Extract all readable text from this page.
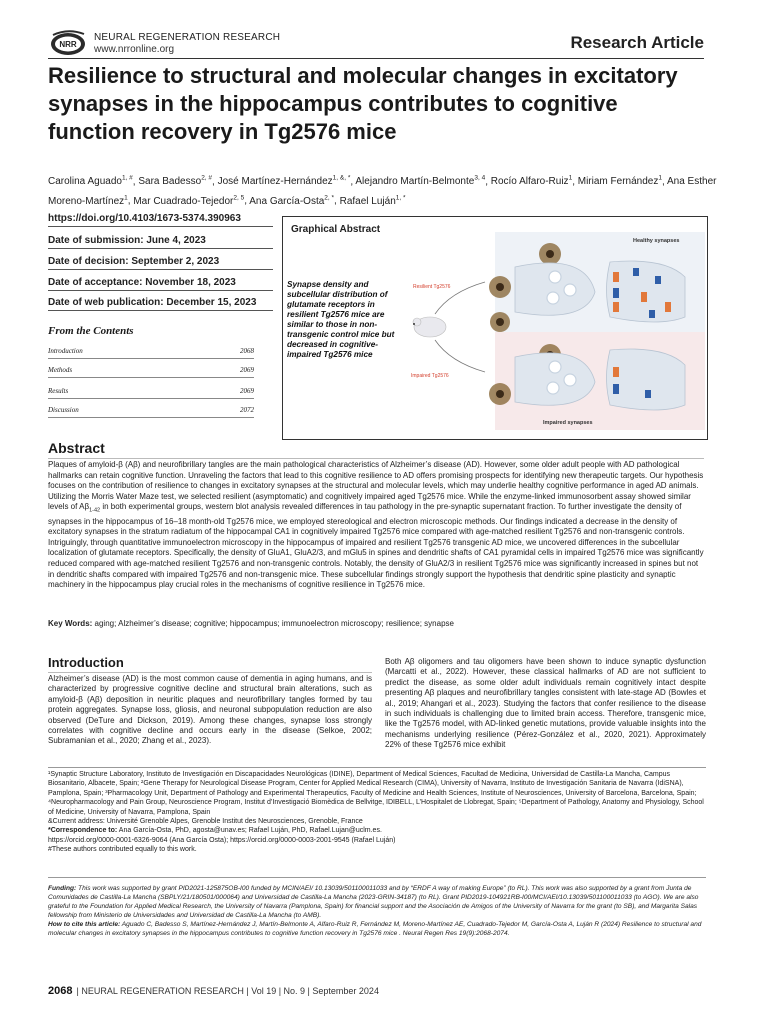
NRR
NEURAL REGENERATION RESEARCH
www.nrronline.org	Research Article
Resilience to structural and molecular changes in excitatory synapses in the hippocampus contributes to cognitive function recovery in Tg2576 mice
Carolina Aguado$^{1, \#}$, Sara Badesso$^{2, \#}$, José Martínez-Hernández$^{1, \&, *}$, Alejandro Martín-Belmonte$^{3, 4}$, Rocío Alfaro-Ruiz$^1$, Miriam Fernández$^1$, Ana Esther Moreno-Martínez$^1$, Mar Cuadrado-Tejedor$^{2, 5}$, Ana García-Osta$^{2, *}$, Rafael Luján$^{1, *}$
https://doi.org/10.4103/1673-5374.390963
Date of submission: June 4, 2023
Date of decision: September 2, 2023
Date of acceptance: November 18, 2023
Date of web publication: December 15, 2023
From the Contents
Introduction	2068
Methods	2069
Results	2069
Discussion	2072
Graphical Abstract
Synapse density and subcellular distribution of glutamate receptors in resilient Tg2576 mice are similar to those in non-transgenic control mice but decreased in cognitive-impaired Tg2576 mice
Healthy synapses
Resilient Tg2576
Impaired Tg2576
Impaired synapses
Abstract
Plaques of amyloid-β (Aβ) and neurofibrillary tangles are the main pathological characteristics of Alzheimer’s disease (AD). However, some older adult people with AD pathological hallmarks can retain cognitive function. Unraveling the factors that lead to this cognitive resilience to AD offers promising prospects for identifying new therapeutic targets. Our hypothesis focuses on the contribution of resilience to changes in excitatory synapses at the structural and molecular levels, which may underlie healthy cognitive performance in aged AD animals. Utilizing the Morris Water Maze test, we selected resilient (asymptomatic) and cognitively impaired aged Tg2576 mice. While the enzyme-linked immunosorbent assay showed similar levels of $A\beta_{1-42}$ in both experimental groups, western blot analysis revealed differences in tau pathology in the pre-synaptic supernatant fraction. To further investigate the density of synapses in the hippocampus of 16–18 month-old Tg2576 mice, we employed stereological and electron microscopic methods. Our findings indicated a decrease in the density of excitatory synapses in the stratum radiatum of the hippocampal CA1 in cognitively impaired Tg2576 mice compared with age-matched resilient Tg2576 and non-transgenic controls. Intriguingly, through quantitative immunoelectron microscopy in the hippocampus of impaired and resilient Tg2576 transgenic AD mice, we uncovered differences in the subcellular localization of glutamate receptors. Specifically, the density of GluA1, GluA2/3, and mGlu5 in spines and dendritic shafts of CA1 pyramidal cells in impaired Tg2576 mice was significantly reduced compared with age-matched resilient Tg2576 and non-transgenic controls. Notably, the density of GluA2/3 in resilient Tg2576 mice was significantly increased in spines but not in dendritic shafts compared with impaired Tg2576 and non-transgenic mice. These subcellular findings strongly support the hypothesis that dendritic spine plasticity and synaptic machinery in the hippocampus play crucial roles in the mechanisms of cognitive resilience in Tg2576 mice.
Key Words: aging; Alzheimer’s disease; cognitive; hippocampus; immunoelectron microscopy; resilience; synapse
Introduction
Alzheimer’s disease (AD) is the most common cause of dementia in aging humans, and is characterized by progressive cognitive decline and structural brain alterations, such as amyloid-β (Aβ) deposition in neuritic plaques and neurofibrillary tangles formed by tau protein aggregates. Synapse loss, gliosis, and neuronal subpopulation reduction are also observed (DeTure and Dickson, 2019). Among these changes, synapse loss strongly correlates with cognitive decline and occurs early in the disease (Selkoe, 2002; Subramanian et al., 2020; Zhang et al., 2023).
Both Aβ oligomers and tau oligomers have been shown to induce synaptic dysfunction (Marcatti et al., 2022). However, these classical hallmarks of AD are not sufficient to predict the disease, as some older adult individuals remain cognitively intact despite presenting Aβ plaques and neurofibrillary tangles consistent with late-stage AD (Bowles et al., 2019; Ahangari et al., 2023). Studying the factors that confer resilience to the disease in such individuals is challenging due to limited brain access. Therefore, transgenic mice, like the Tg2576 model, with AD-linked genetic mutations, provide valuable insights into the mechanisms underlying resilience (Pérez-González et al., 2020, 2021). Approximately 22% of these Tg2576 mice exhibit
¹Synaptic Structure Laboratory, Instituto de Investigación en Discapacidades Neurológicas (IDINE), Department of Medical Sciences, Facultad de Medicina, Universidad de Castilla-La Mancha, Campus Biosanitario, Albacete, Spain; ²Gene Therapy for Neurological Disease Program, Center for Applied Medical Research (CIMA), University of Navarra, Instituto de Investigación Sanitaria de Navarra (IdiSNA), Pamplona, Spain; ³Pharmacology Unit, Department of Pathology and Experimental Therapeutics, Faculty of Medicine and Health Sciences, Institute of Neurosciences, University of Barcelona, Barcelona, Spain; ⁴Neuropharmacology and Pain Group, Neuroscience Program, Institut d’Investigació Biomèdica de Bellvitge, IDIBELL, L’Hospitalet de Llobregat, Spain; ⁵Department of Pathology, Anatomy and Physiology, School of Medicine, University of Navarra, Pamplona, Spain
&Current address: Université Grenoble Alpes, Grenoble Institut des Neurosciences, Grenoble, France
*Correspondence to: Ana García-Osta, PhD, agosta@unav.es; Rafael Luján, PhD, Rafael.Lujan@uclm.es.
https://orcid.org/0000-0001-6326-9064 (Ana García Osta); https://orcid.org/0000-0003-2001-9545 (Rafael Luján)
#These authors contributed equally to this work.
Funding: This work was supported by grant PID2021-125875OB-I00 funded by MCIN/AEI/ 10.13039/501100011033 and by “ERDF A way of making Europe” (to RL). This work was also supported by a grant from Junta de Comunidades de Castilla-La Mancha (SBPLY/21/180501/000064) and Universidad de Castilla-La Mancha (2023-GRIN-34187) (to RL). Grant PID2019-104921RB-I00/MCI/AEI/10.13039/501100011033 (to AGO). We are also grateful to the Foundation for Applied Medical Research, the University of Navarra (Pamplona, Spain) for financial support and the Asociación de Amigos of the University of Navarra for the grant (to SB), and Margarita Salas fellowship from Ministerio de Universidades and Universidad de Castilla-La Mancha (to AMB).
How to cite this article: Aguado C, Badesso S, Martínez-Hernández J, Martín-Belmonte A, Alfaro-Ruiz R, Fernández M, Moreno-Martínez AE, Cuadrado-Tejedor M, García-Osta A, Luján R (2024) Resilience to structural and molecular changes in excitatory synapses in the hippocampus contributes to cognitive function recovery in Tg2576 mice . Neural Regen Res 19(9):2068-2074.
2068 | NEURAL REGENERATION RESEARCH | Vol 19 | No. 9 | September 2024
